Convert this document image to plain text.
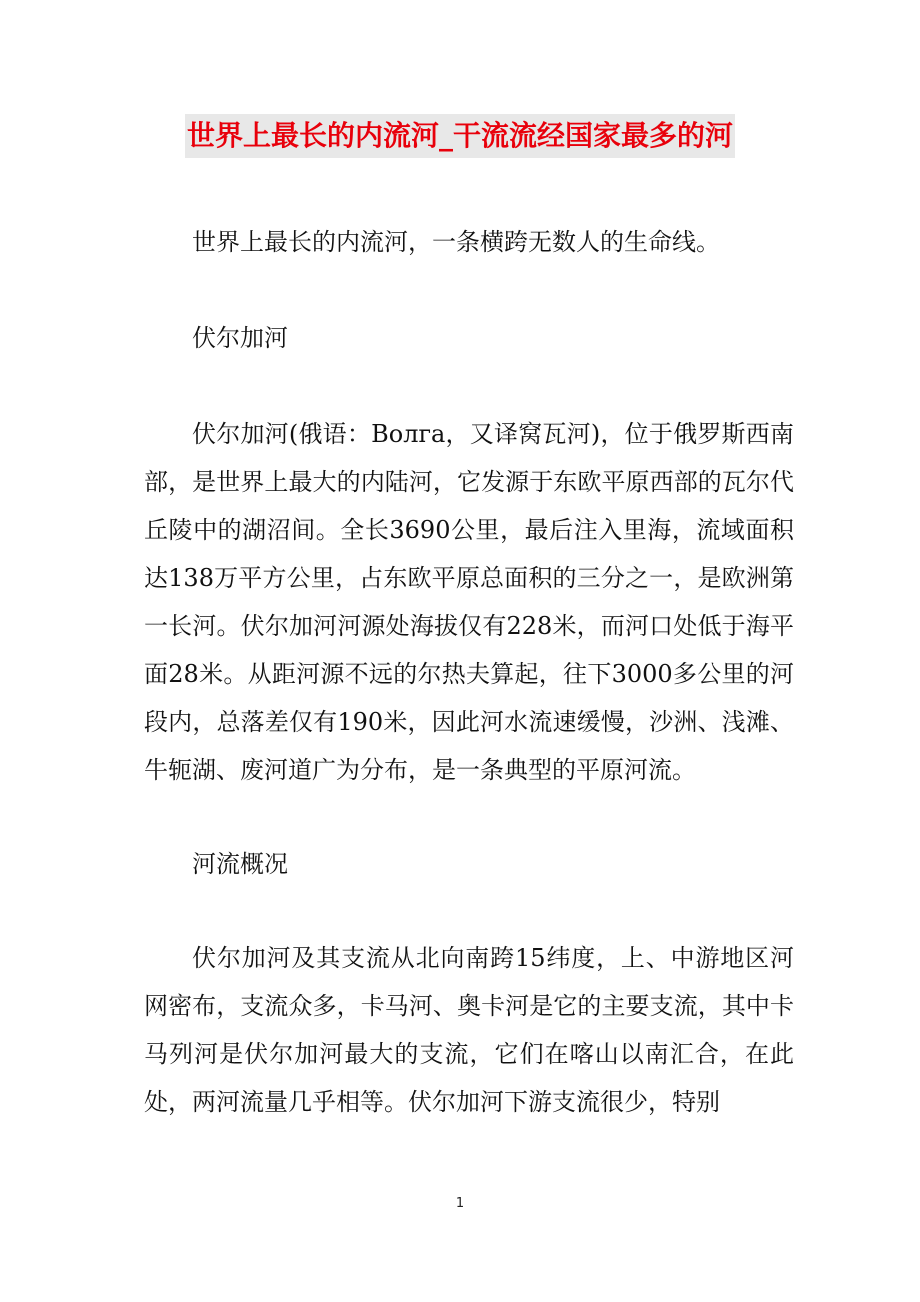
世界上最长的内流河_干流流经国家最多的河

世界上最长的内流河，一条横跨无数人的生命线。

伏尔加河

伏尔加河(俄语：Волга，又译窝瓦河)，位于俄罗斯西南部，是世界上最大的内陆河，它发源于东欧平原西部的瓦尔代丘陵中的湖沼间。全长3690公里，最后注入里海，流域面积达138万平方公里，占东欧平原总面积的三分之一，是欧洲第一长河。伏尔加河河源处海拔仅有228米，而河口处低于海平面28米。从距河源不远的尔热夫算起，往下3000多公里的河段内，总落差仅有190米，因此河水流速缓慢，沙洲、浅滩、牛轭湖、废河道广为分布，是一条典型的平原河流。

河流概况

伏尔加河及其支流从北向南跨15纬度，上、中游地区河网密布，支流众多，卡马河、奥卡河是它的主要支流，其中卡马列河是伏尔加河最大的支流，它们在喀山以南汇合，在此处，两河流量几乎相等。伏尔加河下游支流很少，特别

1
